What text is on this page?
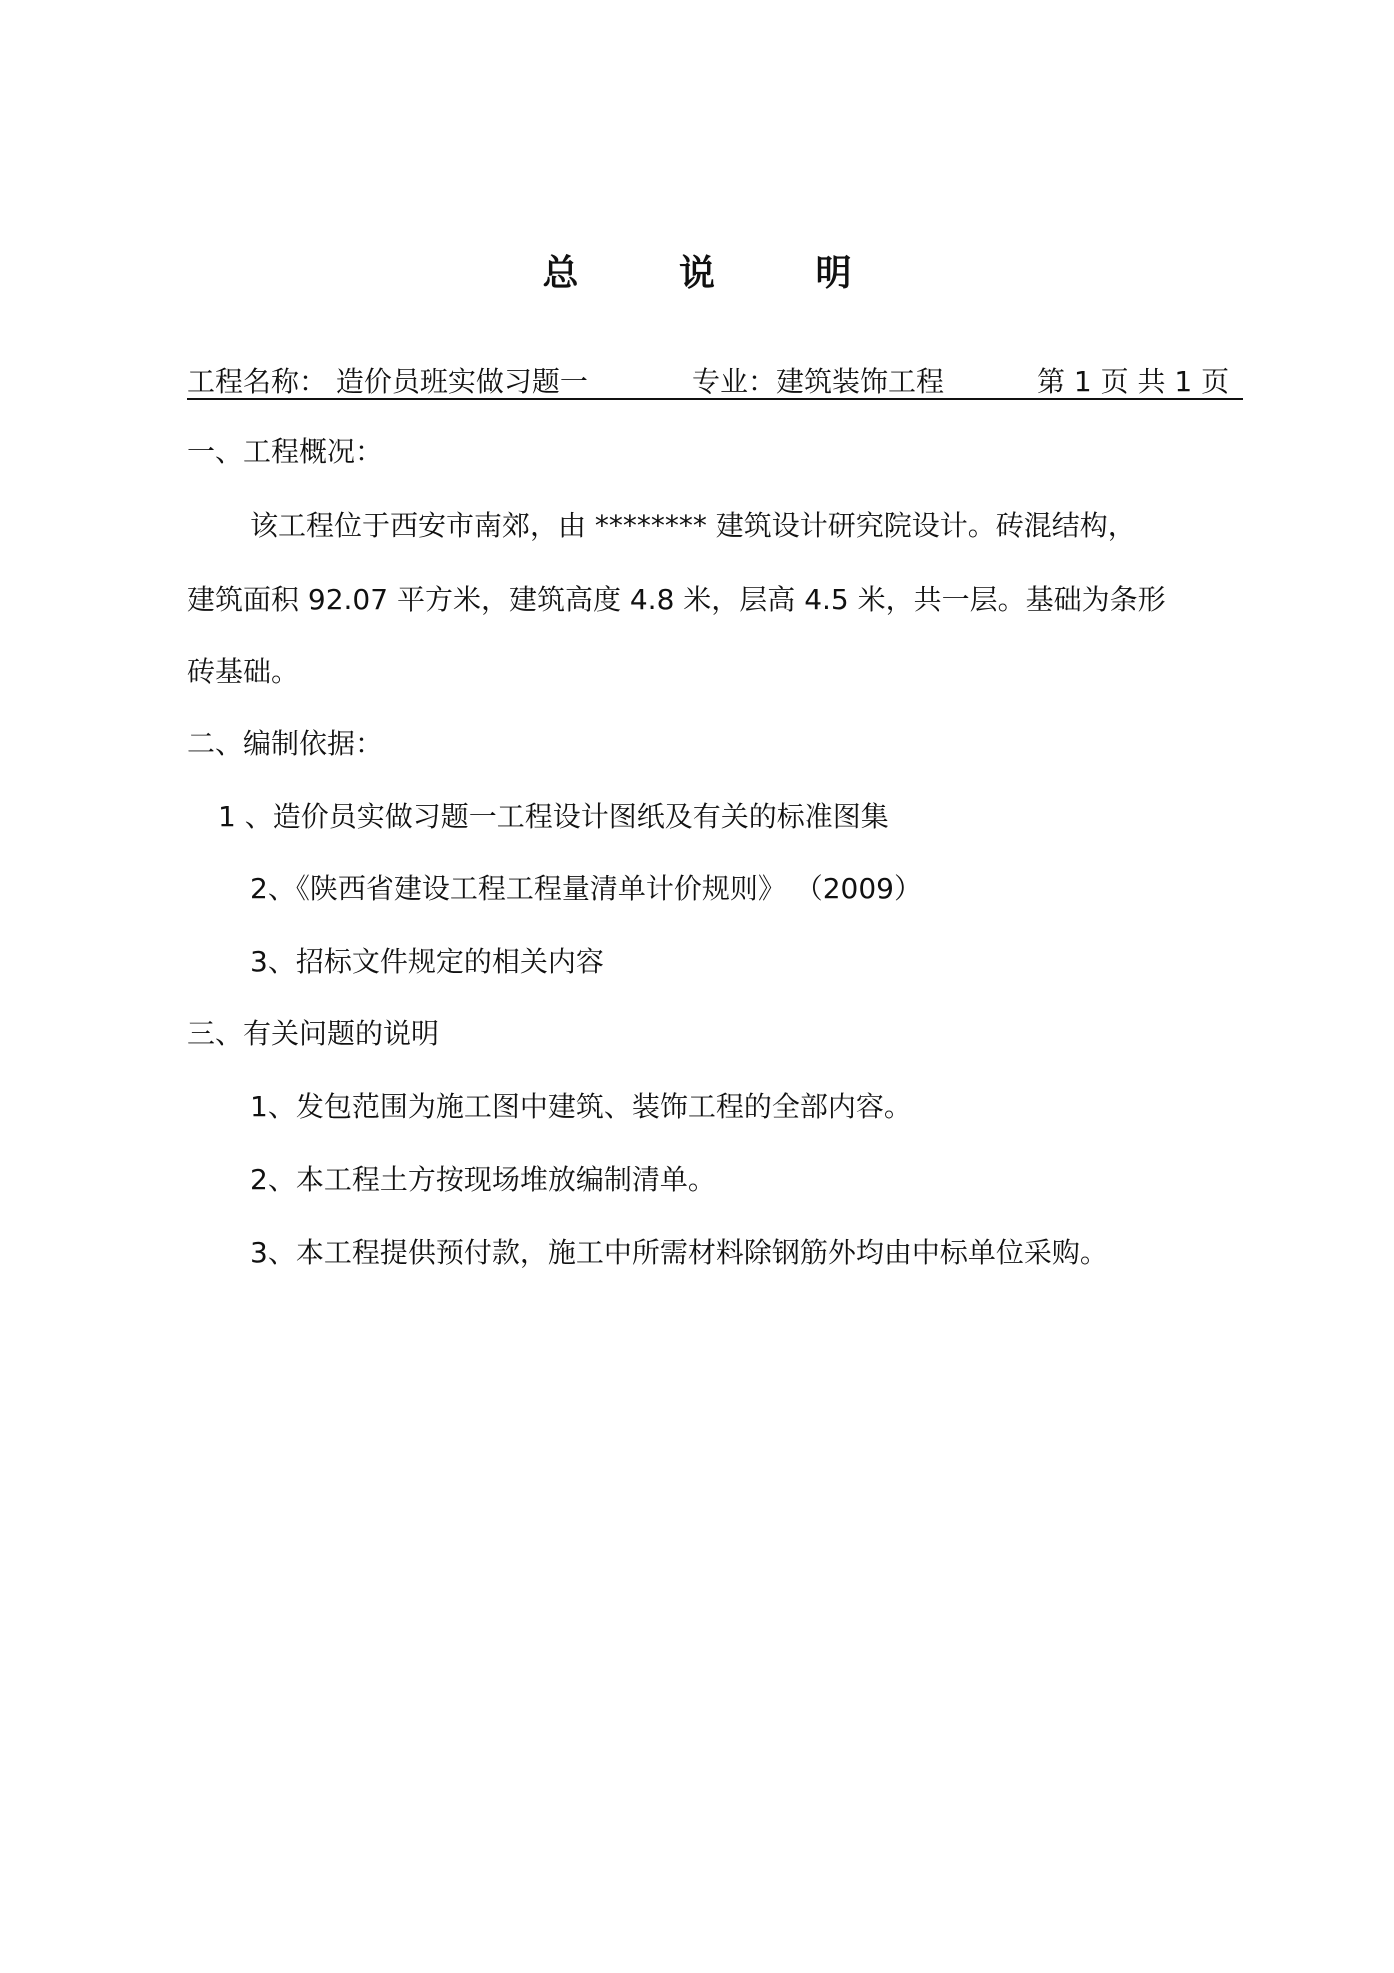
总 说 明
工程名称： 造价员班实做习题一	专业：建筑装饰工程	第 1 页 共 1 页
一、工程概况：
该工程位于西安市南郊，由 ******** 建筑设计研究院设计。砖混结构，
建筑面积 92.07 平方米，建筑高度 4.8 米，层高 4.5 米，共一层。基础为条形
砖基础。
二、编制依据：
1 、造价员实做习题一工程设计图纸及有关的标准图集
2、《陕西省建设工程工程量清单计价规则》 （2009）
3、招标文件规定的相关内容
三、有关问题的说明
1、发包范围为施工图中建筑、装饰工程的全部内容。
2、本工程土方按现场堆放编制清单。
3、本工程提供预付款，施工中所需材料除钢筋外均由中标单位采购。
